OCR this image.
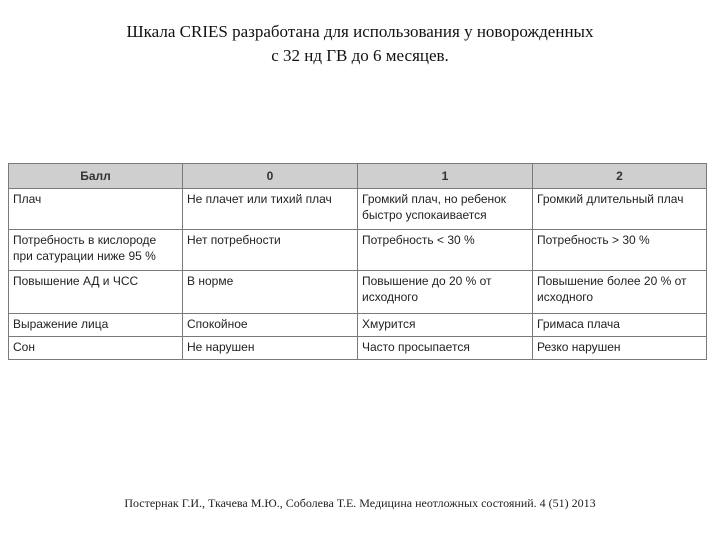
Шкала CRIES разработана для использования у новорожденных
с 32 нд ГВ до 6 месяцев.
Балл	0	1	2
Плач	Не плачет или тихий плач	Громкий плач, но ребенок быстро успокаивается	Громкий длительный плач
Потребность в кислороде при сатурации ниже 95 %	Нет потребности	Потребность < 30 %	Потребность > 30 %
Повышение АД и ЧСС	В норме	Повышение до 20 % от исходного	Повышение более 20 % от исходного
Выражение лица	Спокойное	Хмурится	Гримаса плача
Сон	Не нарушен	Часто просыпается	Резко нарушен
Постернак Г.И., Ткачева М.Ю., Соболева Т.Е. Медицина неотложных состояний. 4 (51) 2013
